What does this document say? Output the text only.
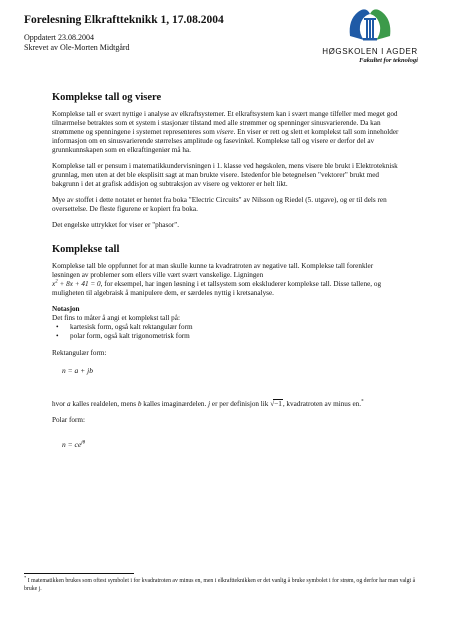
Forelesning Elkraftteknikk 1, 17.08.2004
Oppdatert 23.08.2004
Skrevet av Ole-Morten Midtgård	HØGSKOLEN I AGDER
Fakultet for teknologi
Komplekse tall og visere

Komplekse tall er svært nyttige i analyse av elkraftsystemer. Et elkraftsystem kan i svært mange tilfeller med meget god tilnærmelse betraktes som et system i stasjonær tilstand med alle strømmer og spenninger sinusvarierende. Da kan strømmene og spenningene i systemet representeres som visere. En viser er rett og slett et komplekst tall som inneholder informasjon om en sinusvarierende størrelses amplitude og fasevinkel. Komplekse tall og visere er derfor del av grunnkunnskapen som en elkraftingeniør må ha.

Komplekse tall er pensum i matematikkundervisningen i 1. klasse ved høgskolen, mens visere ble brukt i Elektroteknisk grunnlag, men uten at det ble eksplisitt sagt at man brukte visere. Istedenfor ble betegnelsen "vektorer" brukt med bakgrunn i det at grafisk addisjon og subtraksjon av visere og vektorer er helt likt.

Mye av stoffet i dette notatet er hentet fra boka "Electric Circuits" av Nilsson og Riedel (5. utgave), og er til dels ren oversettelse. De fleste figurene er kopiert fra boka.

Det engelske uttrykket for viser er "phasor".

Komplekse tall

Komplekse tall ble oppfunnet for at man skulle kunne ta kvadratroten av negative tall. Komplekse tall forenkler løsningen av problemer som ellers ville vært svært vanskelige. Ligningen
$x^2 + 8x + 41 = 0$, for eksempel, har ingen løsning i et tallsystem som ekskluderer komplekse tall. Disse tallene, og muligheten til algebraisk å manipulere dem, er særdeles nyttig i kretsanalyse.

Notasjon

Det fins to måter å angi et komplekst tall på:

• kartesisk form, også kalt rektangulær form
• polar form, også kalt trigonometrisk form

Rektangulær form:

n = a + jb

hvor a kalles realdelen, mens b kalles imaginærdelen. j er per definisjon lik √−1, kvadratroten av minus en.*

Polar form:

$n = ce^{j\theta}$
* I matematikken brukes som oftest symbolet i for kvadratroten av minus en, men i elkraftteknikken er det vanlig å bruke symbolet i for strøm, og derfor har man valgt å bruke j.
